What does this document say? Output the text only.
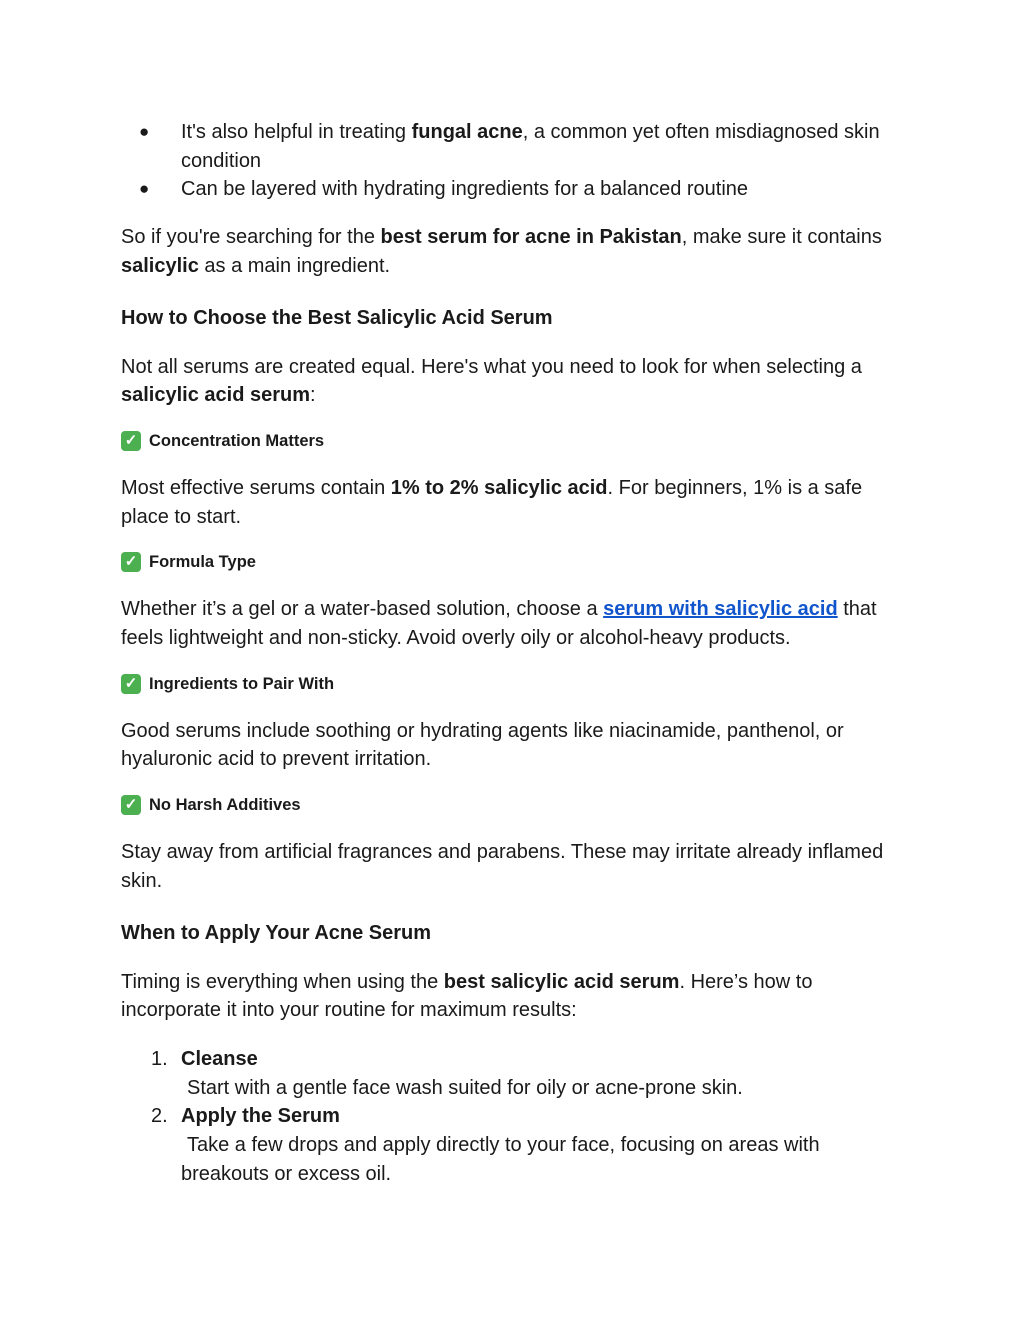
● It's also helpful in treating fungal acne, a common yet often misdiagnosed skin condition
● Can be layered with hydrating ingredients for a balanced routine

So if you're searching for the best serum for acne in Pakistan, make sure it contains salicylic as a main ingredient.

How to Choose the Best Salicylic Acid Serum

Not all serums are created equal. Here's what you need to look for when selecting a salicylic acid serum:

✓ Concentration Matters

Most effective serums contain 1% to 2% salicylic acid. For beginners, 1% is a safe place to start.

✓ Formula Type

Whether it’s a gel or a water-based solution, choose a serum with salicylic acid that feels lightweight and non-sticky. Avoid overly oily or alcohol-heavy products.

✓ Ingredients to Pair With

Good serums include soothing or hydrating agents like niacinamide, panthenol, or hyaluronic acid to prevent irritation.

✓ No Harsh Additives

Stay away from artificial fragrances and parabens. These may irritate already inflamed skin.

When to Apply Your Acne Serum

Timing is everything when using the best salicylic acid serum. Here’s how to incorporate it into your routine for maximum results:

1. Cleanse
Start with a gentle face wash suited for oily or acne-prone skin.
2. Apply the Serum
Take a few drops and apply directly to your face, focusing on areas with breakouts or excess oil.
